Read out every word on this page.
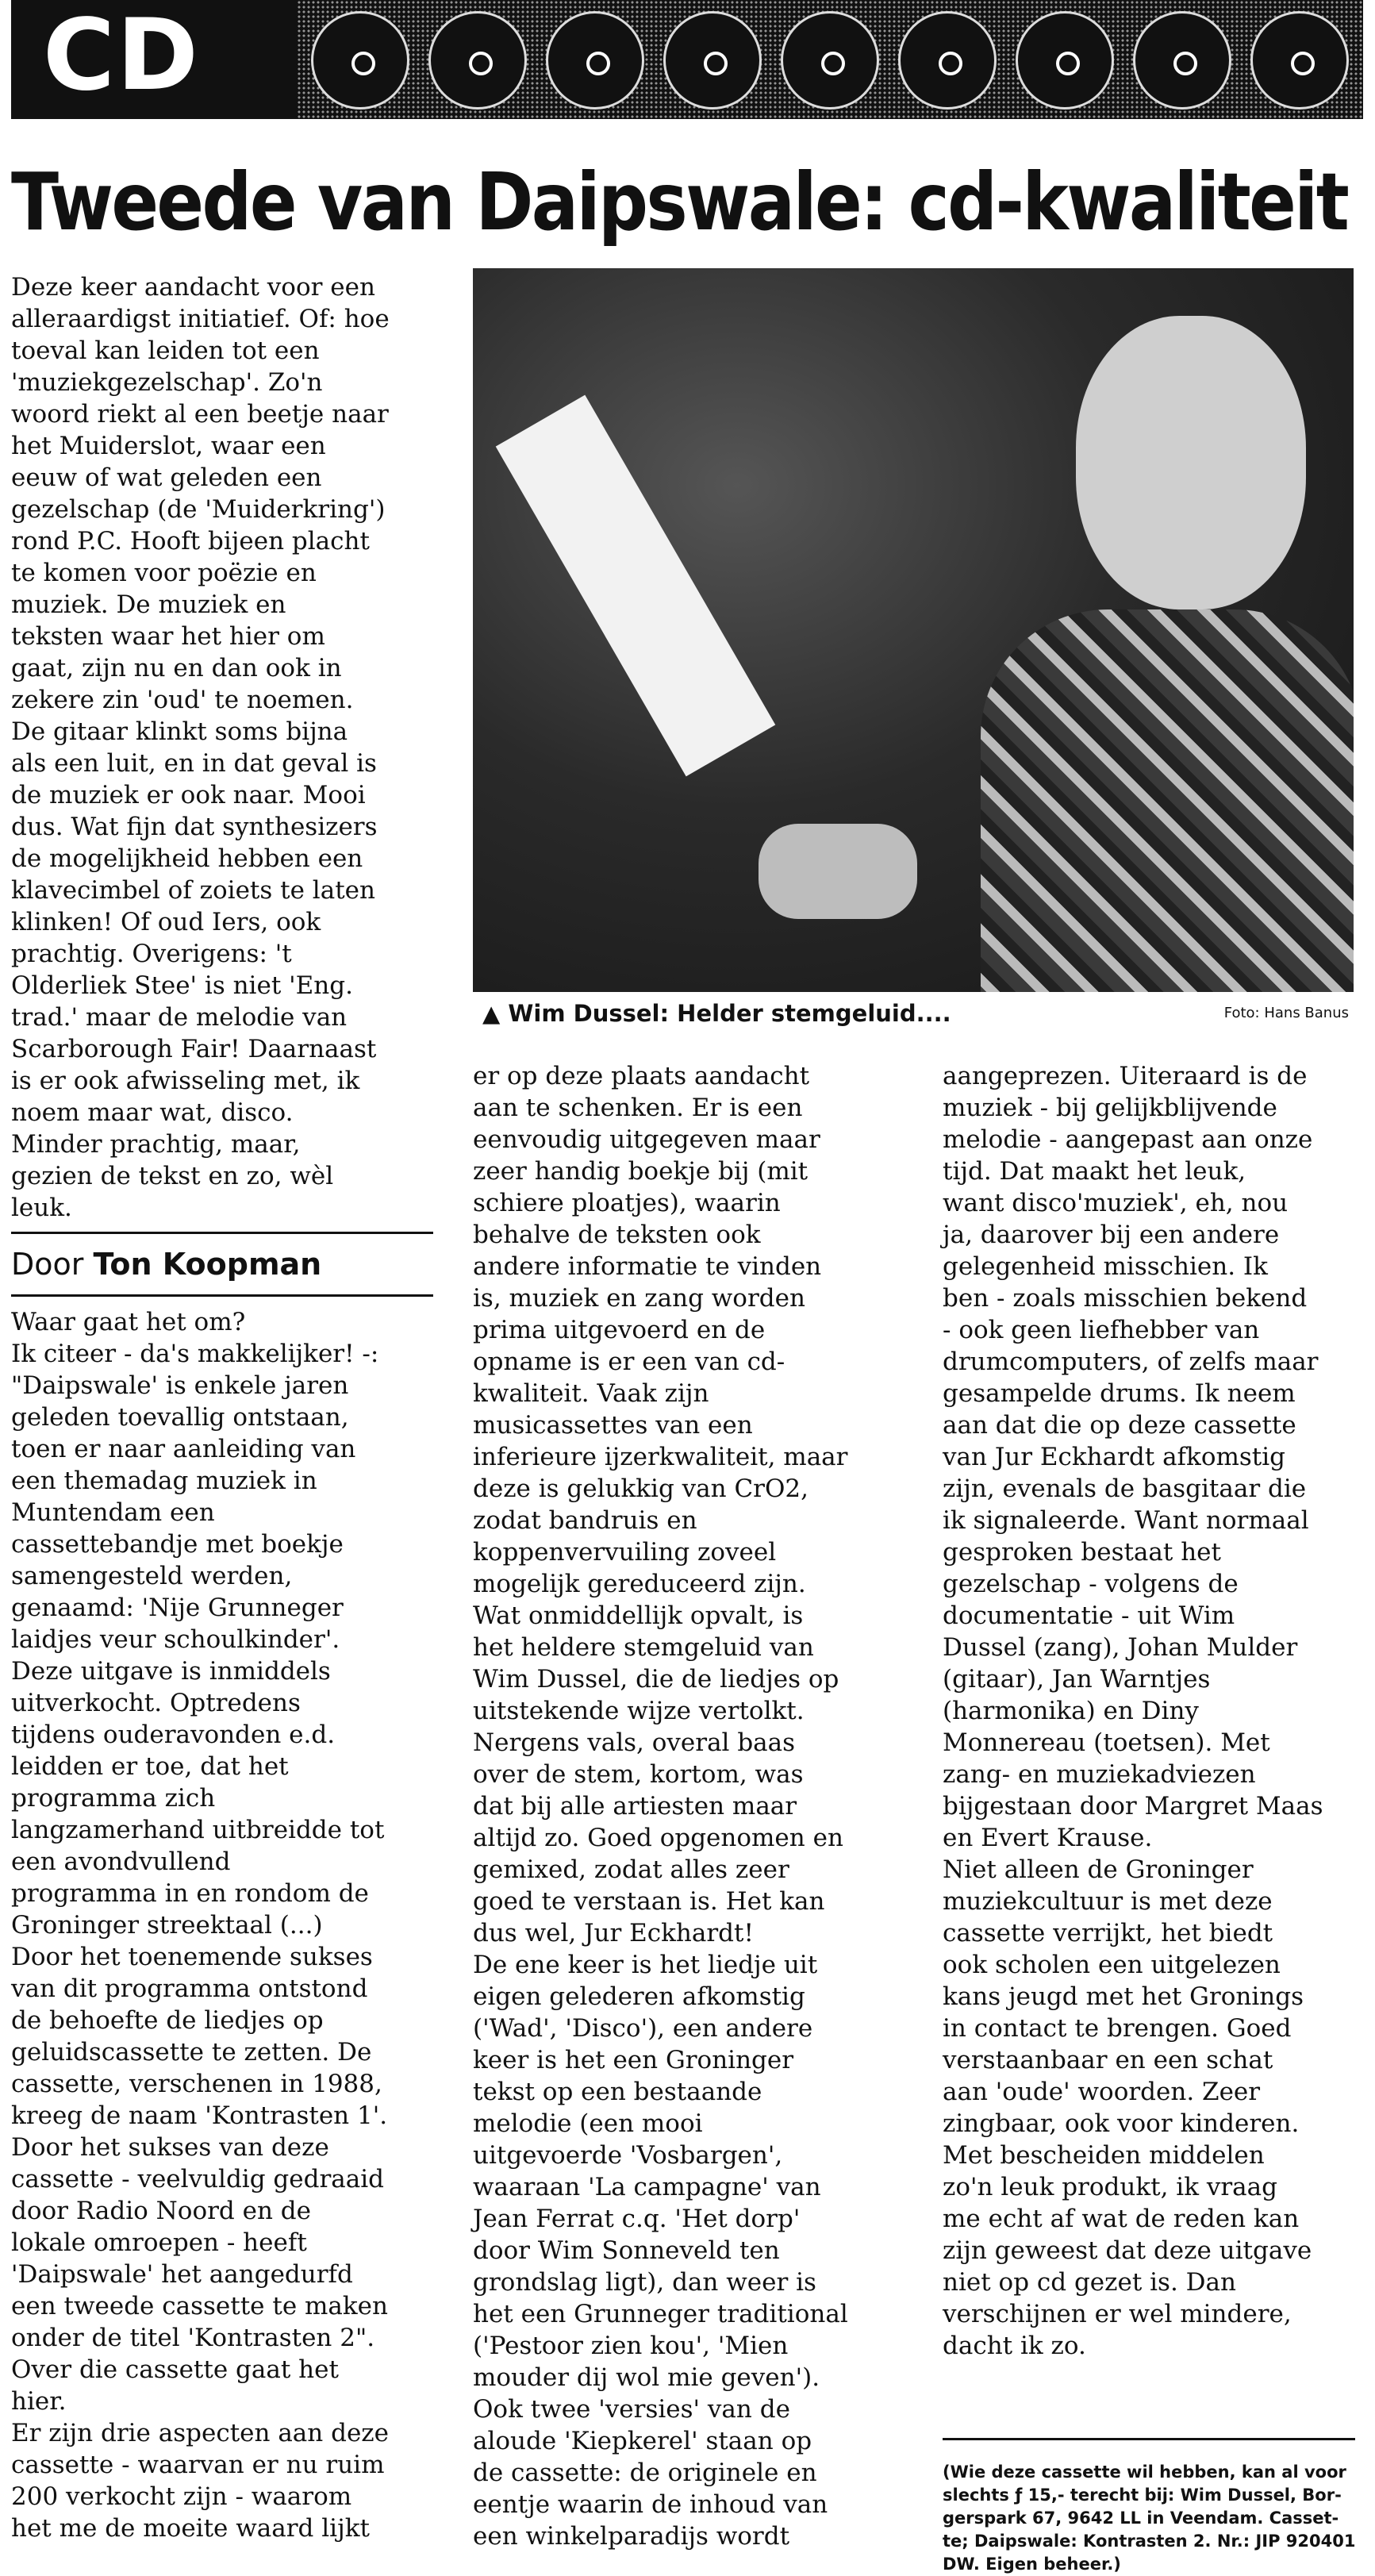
CD
Tweede van Daipswale: cd-kwaliteit
Deze keer aandacht voor een
alleraardigst initiatief. Of: hoe
toeval kan leiden tot een
'muziekgezelschap'. Zo'n
woord riekt al een beetje naar
het Muiderslot, waar een
eeuw of wat geleden een
gezelschap (de 'Muiderkring')
rond P.C. Hooft bijeen placht
te komen voor poëzie en
muziek. De muziek en
teksten waar het hier om
gaat, zijn nu en dan ook in
zekere zin 'oud' te noemen.
De gitaar klinkt soms bijna
als een luit, en in dat geval is
de muziek er ook naar. Mooi
dus. Wat fijn dat synthesizers
de mogelijkheid hebben een
klavecimbel of zoiets te laten
klinken! Of oud Iers, ook
prachtig. Overigens: 't
Olderliek Stee' is niet 'Eng.
trad.' maar de melodie van
Scarborough Fair! Daarnaast
is er ook afwisseling met, ik
noem maar wat, disco.
Minder prachtig, maar,
gezien de tekst en zo, wèl
leuk.
▲ Wim Dussel: Helder stemgeluid....	Foto: Hans Banus
Door Ton Koopman
Waar gaat het om?
Ik citeer - da's makkelijker! -:
"Daipswale' is enkele jaren
geleden toevallig ontstaan,
toen er naar aanleiding van
een themadag muziek in
Muntendam een
cassettebandje met boekje
samengesteld werden,
genaamd: 'Nije Grunneger
laidjes veur schoulkinder'.
Deze uitgave is inmiddels
uitverkocht. Optredens
tijdens ouderavonden e.d.
leidden er toe, dat het
programma zich
langzamerhand uitbreidde tot
een avondvullend
programma in en rondom de
Groninger streektaal (...)
Door het toenemende sukses
van dit programma ontstond
de behoefte de liedjes op
geluidscassette te zetten. De
cassette, verschenen in 1988,
kreeg de naam 'Kontrasten 1'.
Door het sukses van deze
cassette - veelvuldig gedraaid
door Radio Noord en de
lokale omroepen - heeft
'Daipswale' het aangedurfd
een tweede cassette te maken
onder de titel 'Kontrasten 2".
Over die cassette gaat het
hier.
Er zijn drie aspecten aan deze
cassette - waarvan er nu ruim
200 verkocht zijn - waarom
het me de moeite waard lijkt
er op deze plaats aandacht
aan te schenken. Er is een
eenvoudig uitgegeven maar
zeer handig boekje bij (mit
schiere ploatjes), waarin
behalve de teksten ook
andere informatie te vinden
is, muziek en zang worden
prima uitgevoerd en de
opname is er een van cd-
kwaliteit. Vaak zijn
musicassettes van een
inferieure ijzerkwaliteit, maar
deze is gelukkig van CrO2,
zodat bandruis en
koppenvervuiling zoveel
mogelijk gereduceerd zijn.
Wat onmiddellijk opvalt, is
het heldere stemgeluid van
Wim Dussel, die de liedjes op
uitstekende wijze vertolkt.
Nergens vals, overal baas
over de stem, kortom, was
dat bij alle artiesten maar
altijd zo. Goed opgenomen en
gemixed, zodat alles zeer
goed te verstaan is. Het kan
dus wel, Jur Eckhardt!
De ene keer is het liedje uit
eigen gelederen afkomstig
('Wad', 'Disco'), een andere
keer is het een Groninger
tekst op een bestaande
melodie (een mooi
uitgevoerde 'Vosbargen',
waaraan 'La campagne' van
Jean Ferrat c.q. 'Het dorp'
door Wim Sonneveld ten
grondslag ligt), dan weer is
het een Grunneger traditional
('Pestoor zien kou', 'Mien
mouder dij wol mie geven').
Ook twee 'versies' van de
aloude 'Kiepkerel' staan op
de cassette: de originele en
eentje waarin de inhoud van
een winkelparadijs wordt
aangeprezen. Uiteraard is de
muziek - bij gelijkblijvende
melodie - aangepast aan onze
tijd. Dat maakt het leuk,
want disco'muziek', eh, nou
ja, daarover bij een andere
gelegenheid misschien. Ik
ben - zoals misschien bekend
- ook geen liefhebber van
drumcomputers, of zelfs maar
gesampelde drums. Ik neem
aan dat die op deze cassette
van Jur Eckhardt afkomstig
zijn, evenals de basgitaar die
ik signaleerde. Want normaal
gesproken bestaat het
gezelschap - volgens de
documentatie - uit Wim
Dussel (zang), Johan Mulder
(gitaar), Jan Warntjes
(harmonika) en Diny
Monnereau (toetsen). Met
zang- en muziekadviezen
bijgestaan door Margret Maas
en Evert Krause.
Niet alleen de Groninger
muziekcultuur is met deze
cassette verrijkt, het biedt
ook scholen een uitgelezen
kans jeugd met het Gronings
in contact te brengen. Goed
verstaanbaar en een schat
aan 'oude' woorden. Zeer
zingbaar, ook voor kinderen.
Met bescheiden middelen
zo'n leuk produkt, ik vraag
me echt af wat de reden kan
zijn geweest dat deze uitgave
niet op cd gezet is. Dan
verschijnen er wel mindere,
dacht ik zo.
(Wie deze cassette wil hebben, kan al voor
slechts ƒ 15,- terecht bij: Wim Dussel, Bor-
gerspark 67, 9642 LL in Veendam. Casset-
te; Daipswale: Kontrasten 2. Nr.: JIP 920401
DW. Eigen beheer.)
